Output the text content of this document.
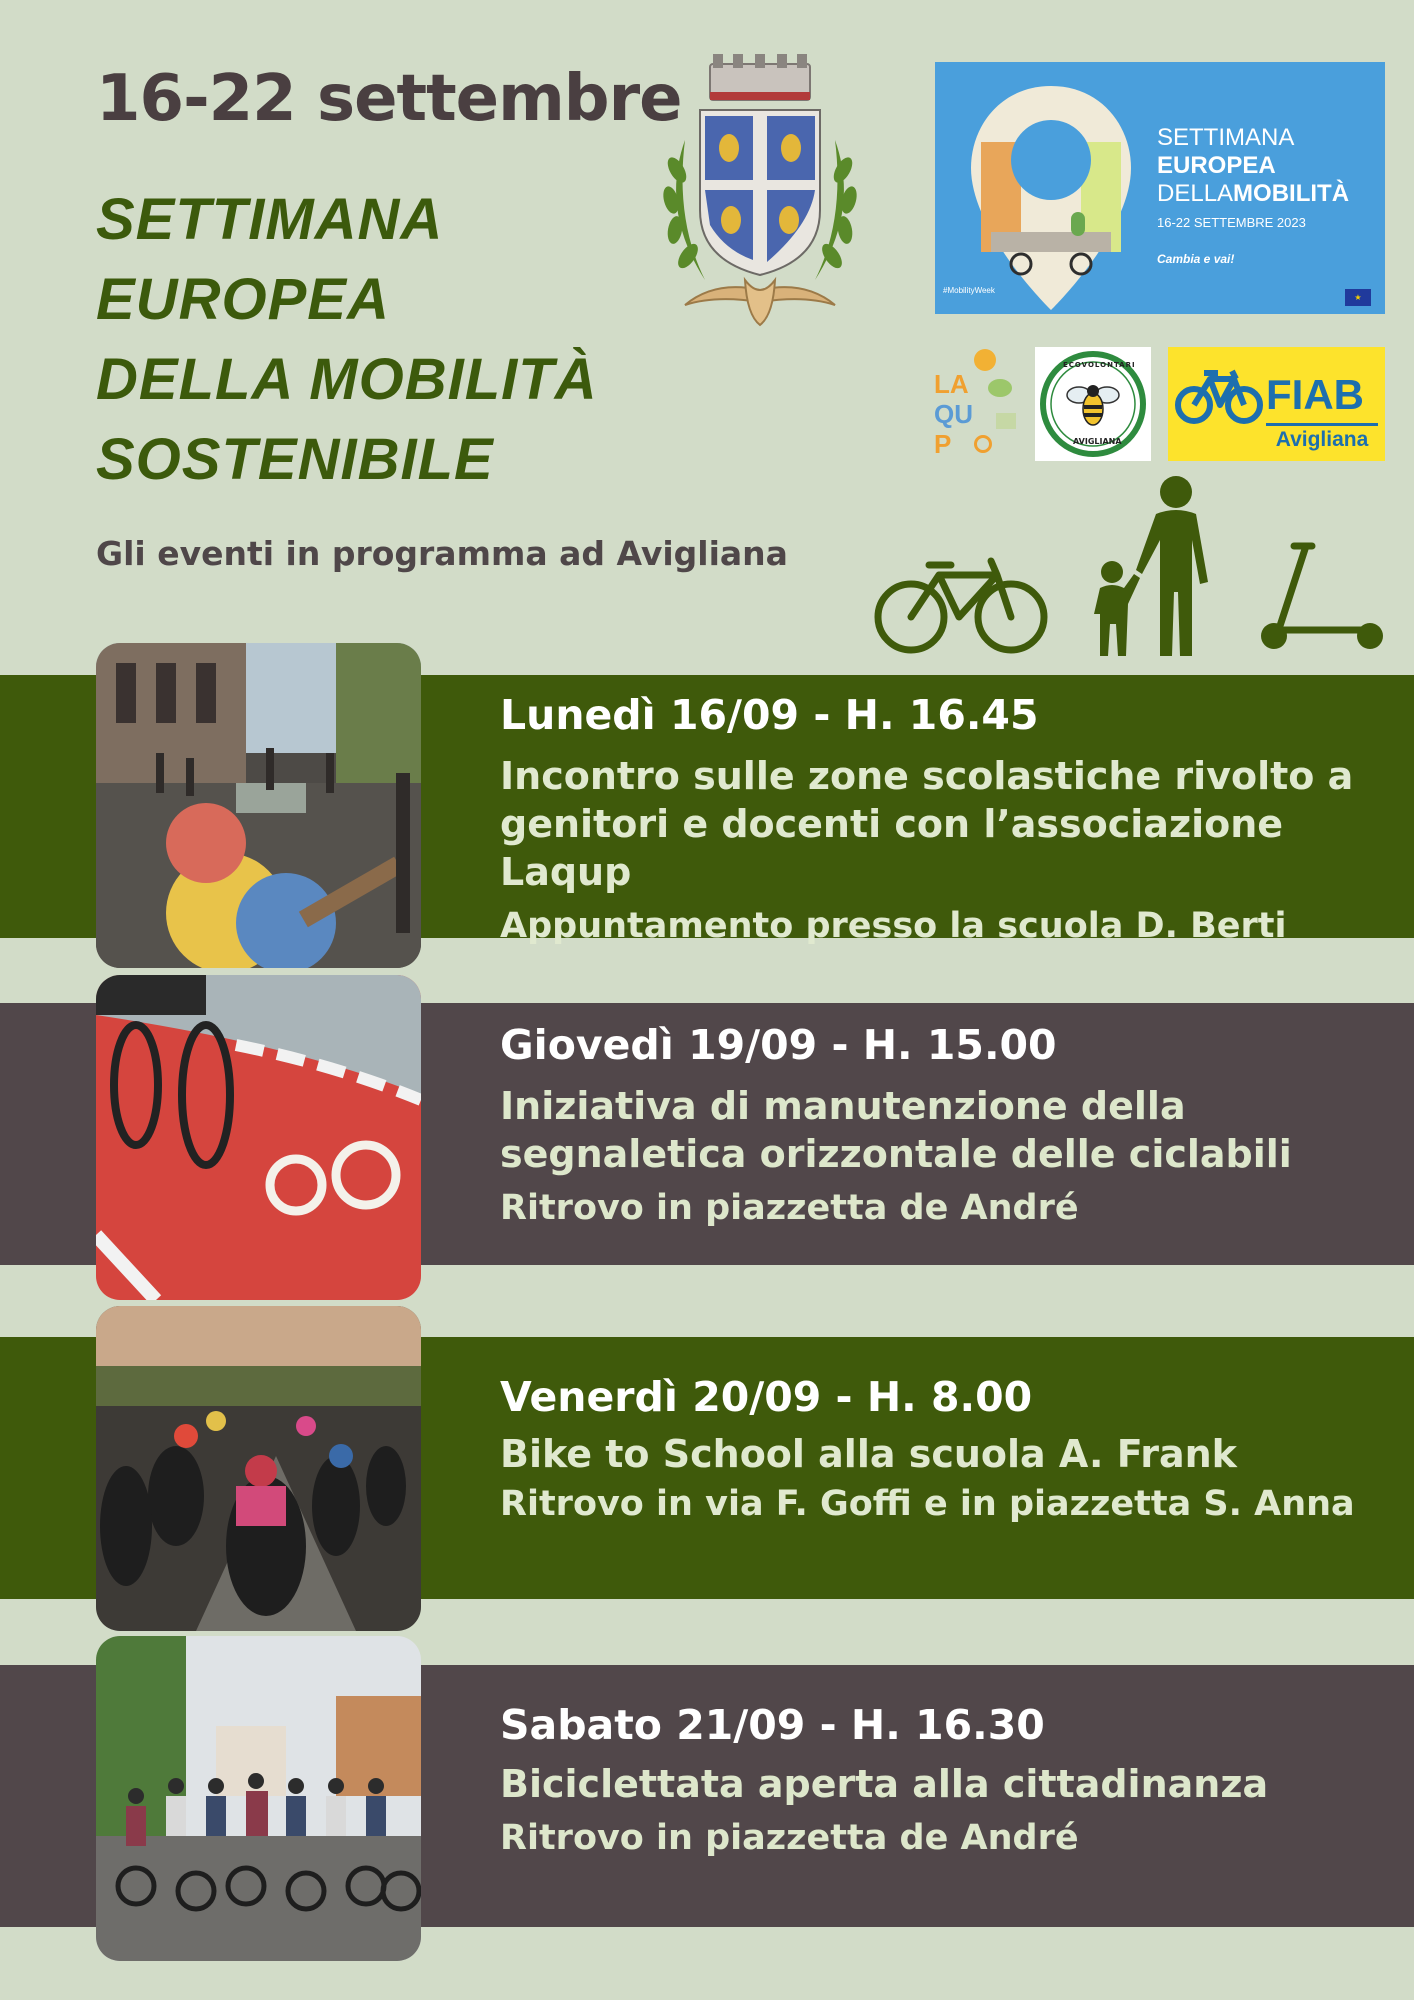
16-22 settembre
SETTIMANA
EUROPEA
DELLA MOBILITÀ
SOSTENIBILE
Gli eventi in programma ad Avigliana
SETTIMANA
EUROPEA
DELLAMOBILITÀ
16-22 SETTEMBRE 2023
Cambia e vai!
#MobilityWeek
★
LA
QU
P
ECOVOLONTARI
AVIGLIANA
FIAB
Avigliana
Lunedì 16/09 - H. 16.45
Incontro sulle zone scolastiche rivolto a genitori e docenti con l’associazione Laqup
Appuntamento presso la scuola D. Berti
Giovedì 19/09 - H. 15.00
Iniziativa di manutenzione della segnaletica orizzontale delle ciclabili
Ritrovo in piazzetta de André
Venerdì 20/09 - H. 8.00
Bike to School alla scuola A. Frank
Ritrovo in via F. Goffi e in piazzetta S. Anna
Sabato 21/09 - H. 16.30
Biciclettata aperta alla cittadinanza
Ritrovo in piazzetta de André
